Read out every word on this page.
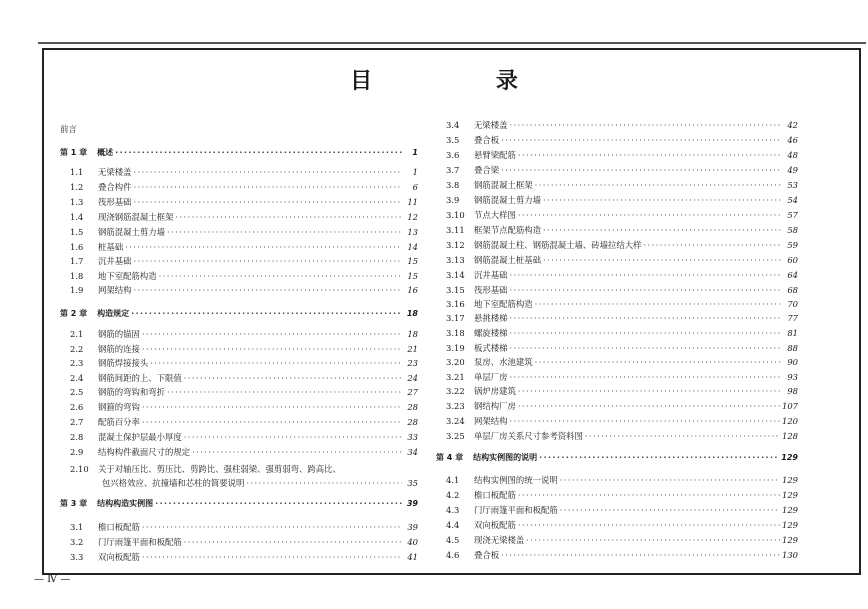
目 录
前言
第 1 章 概述 ·····	1
1.1	无梁楼盖 ·····	1
1.2	叠合构件 ·····	6
1.3	筏形基础 ·····	11
1.4	现浇钢筋混凝土框架 ·····	12
1.5	钢筋混凝土剪力墙 ·····	13
1.6	桩基础 ·····	14
1.7	沉井基础 ·····	15
1.8	地下室配筋构造 ·····	15
1.9	网架结构 ·····	16
第 2 章 构造规定 ·····	18
2.1	钢筋的锚固 ·····	18
2.2	钢筋的连接 ·····	21
2.3	钢筋焊接接头 ·····	23
2.4	钢筋间距的上、下限值 ·····	24
2.5	钢筋的弯钩和弯折 ·····	27
2.6	钢箍的弯钩 ·····	28
2.7	配筋百分率 ·····	28
2.8	混凝土保护层最小厚度 ·····	33
2.9	结构构件截面尺寸的规定 ·····	34
2.10	关于对轴压比、剪压比、剪跨比、强柱弱梁、强剪弱弯、跨高比、
包兴格效应、抗撞墙和芯柱的简要说明 ·····	35
第 3 章 结构构造实例图 ·····	39
3.1	檐口板配筋 ·····	39
3.2	门厅雨篷平面和板配筋 ·····	40
3.3	双向板配筋 ·····	41
3.4	无梁楼盖 ·····	42
3.5	叠合板 ·····	46
3.6	悬臂梁配筋 ·····	48
3.7	叠合梁 ·····	49
3.8	钢筋混凝土框架 ·····	53
3.9	钢筋混凝土剪力墙 ·····	54
3.10	节点大样图 ·····	57
3.11	框架节点配筋构造 ·····	58
3.12	钢筋混凝土柱、钢筋混凝土墙、砖墙拉结大样 ·····	59
3.13	钢筋混凝土桩基础 ·····	60
3.14	沉井基础 ·····	64
3.15	筏形基础 ·····	68
3.16	地下室配筋构造 ·····	70
3.17	悬挑楼梯 ·····	77
3.18	螺旋楼梯 ·····	81
3.19	板式楼梯 ·····	88
3.20	泵房、水池建筑 ·····	90
3.21	单层厂房 ·····	93
3.22	锅炉房建筑 ·····	98
3.23	钢结构厂房 ·····	107
3.24	网架结构 ·····	120
3.25	单层厂房关系尺寸参考资料图 ·····	128
第 4 章 结构实例图的说明 ·····	129
4.1	结构实例图的统一说明 ·····	129
4.2	檐口板配筋 ·····	129
4.3	门厅雨篷平面和板配筋 ·····	129
4.4	双向板配筋 ·····	129
4.5	现浇无梁楼盖 ·····	129
4.6	叠合板 ·····	130
— Ⅳ —
